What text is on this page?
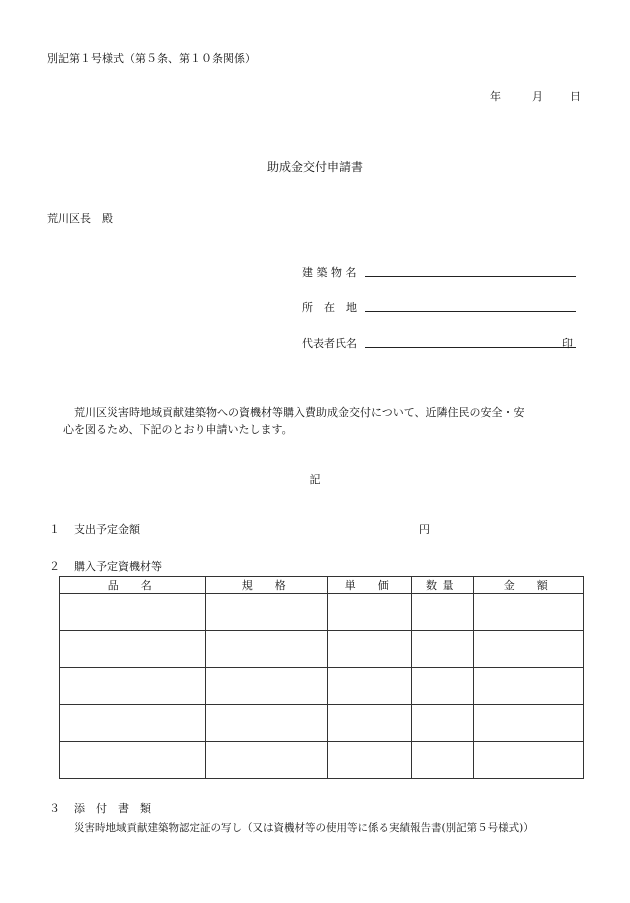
別記第１号様式（第５条、第１０条関係）
年	月 日
助成金交付申請書
荒川区長　殿
建 築 物 名
所　在　地
代表者氏名	印
荒川区災害時地域貢献建築物への資機材等購入費助成金交付について、近隣住民の安全・安
心を図るため、下記のとおり申請いたします。
記
１ 支出予定金額	円
２ 購入予定資機材等
品　名	規　格	単　価	数量	金　額

３ 添　付　書　類
災害時地域貢献建築物認定証の写し（又は資機材等の使用等に係る実績報告書(別記第５号様式)）
